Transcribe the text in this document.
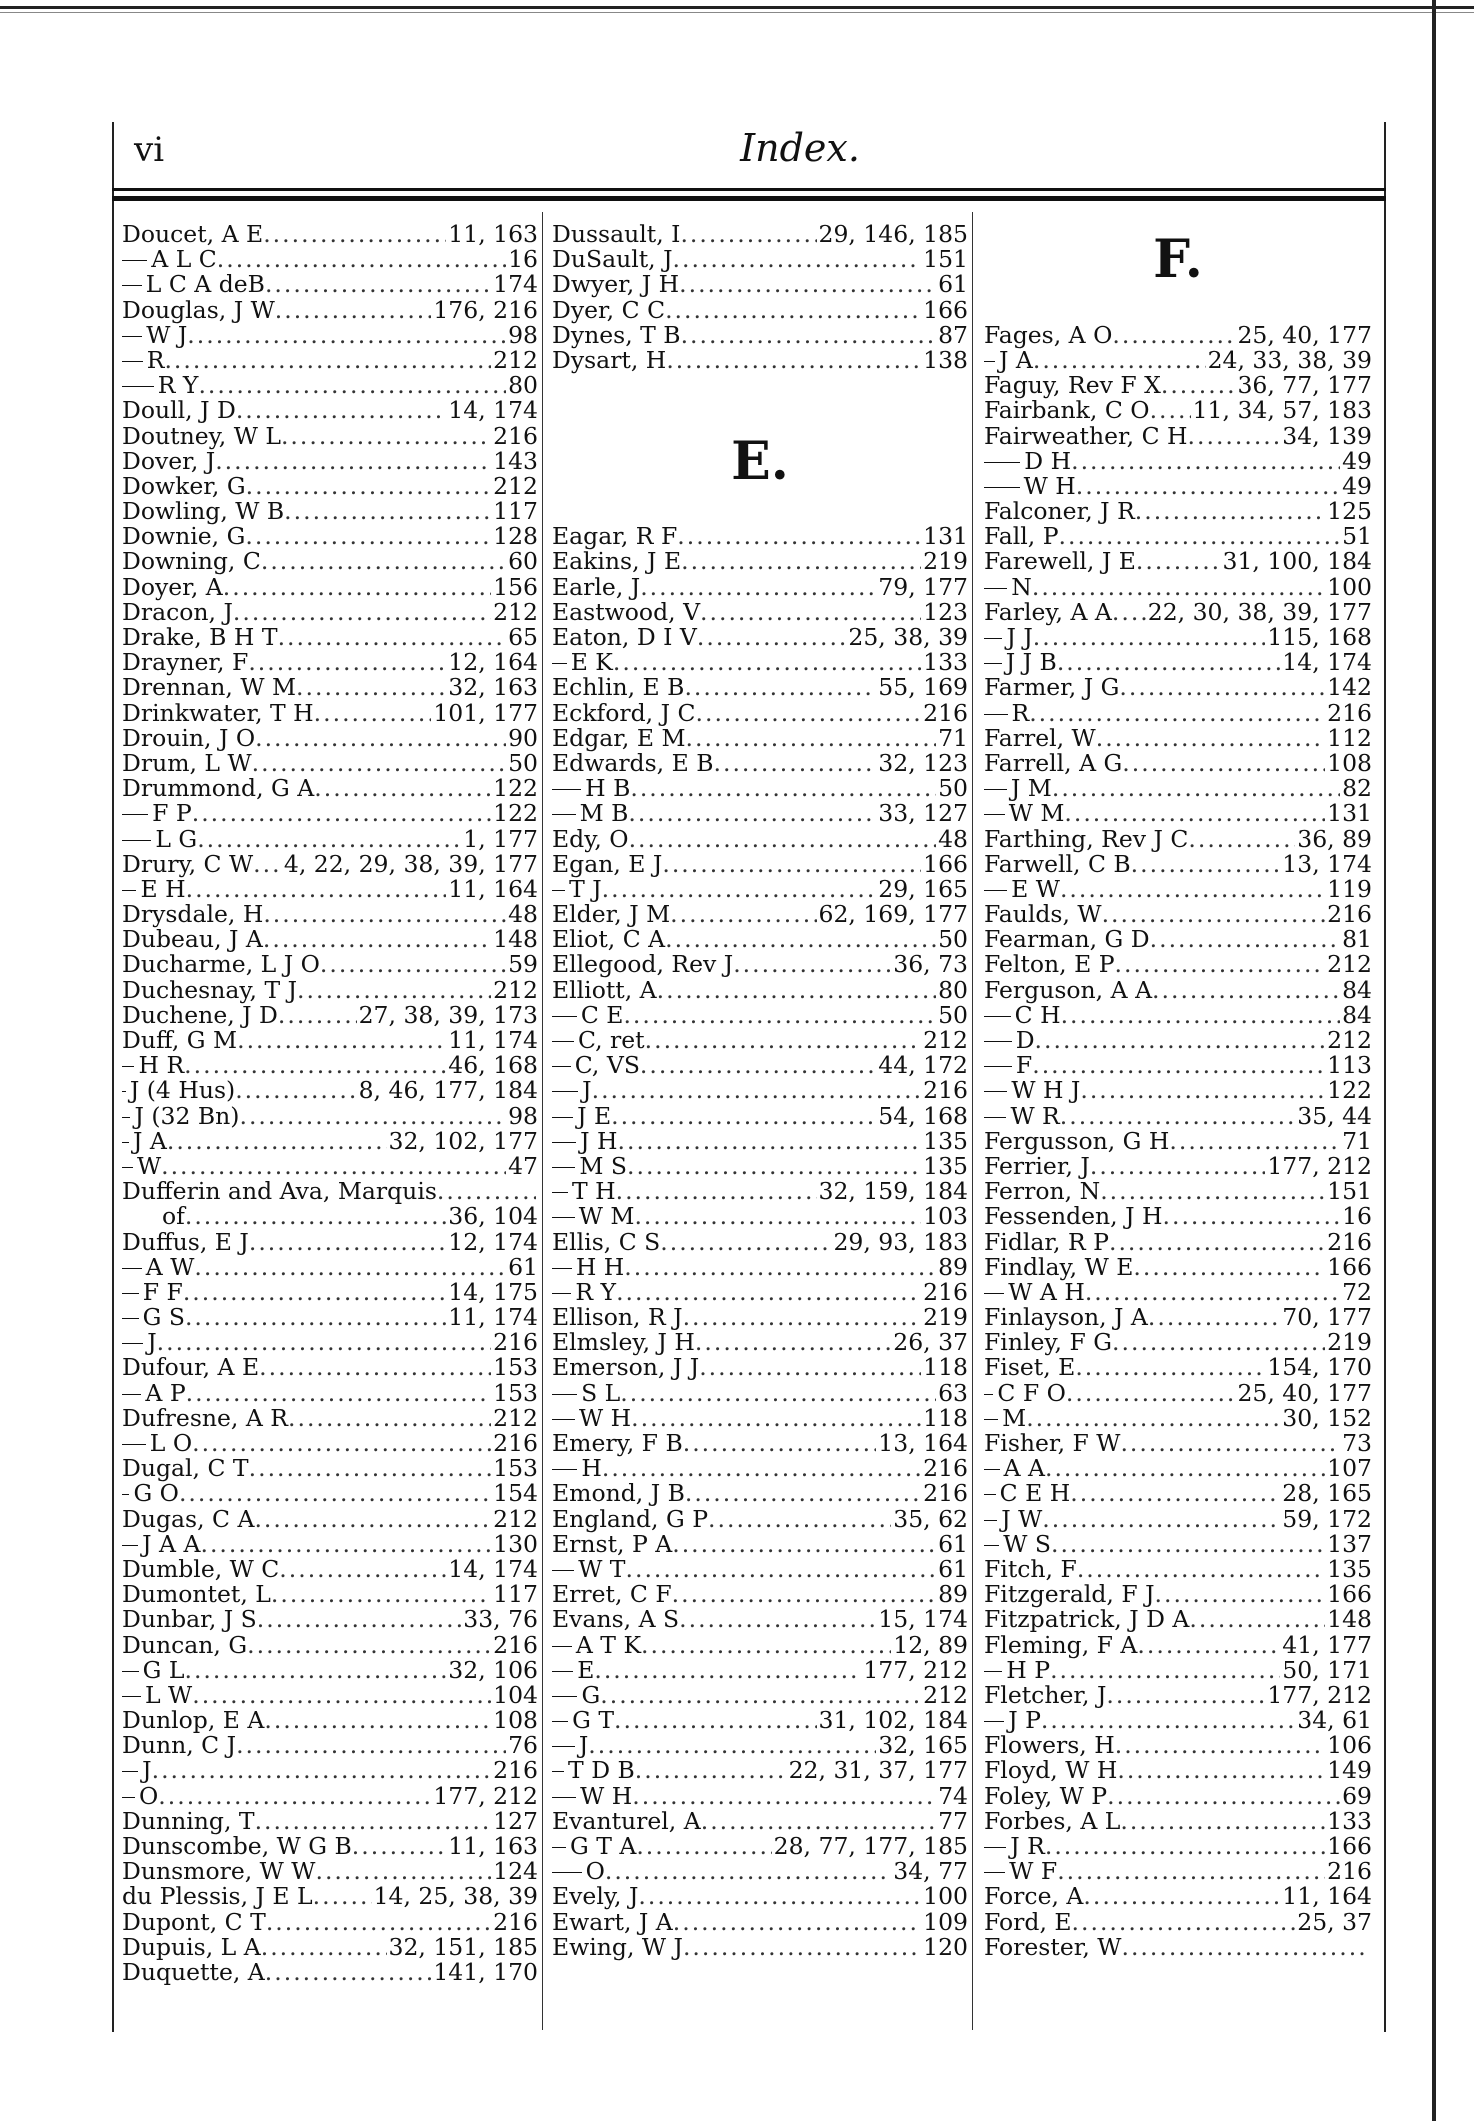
vi	Index.
Doucet, A E .....	11, 163
A L C .....	16
L C A deB .....	174
Douglas, J W .....	176, 216
W J .....	98
R .....	212
R Y .....	80
Doull, J D .....	14, 174
Doutney, W L .....	216
Dover, J .....	143
Dowker, G .....	212
Dowling, W B .....	117
Downie, G .....	128
Downing, C .....	60
Doyer, A .....	156
Dracon, J .....	212
Drake, B H T .....	65
Drayner, F .....	12, 164
Drennan, W M .....	32, 163
Drinkwater, T H .....	101, 177
Drouin, J O .....	90
Drum, L W .....	50
Drummond, G A .....	122
F P .....	122
L G .....	1, 177
Drury, C W ..... 4, 22, 29, 38, 39, 177
E H .....	11, 164
Drysdale, H .....	48
Dubeau, J A .....	148
Ducharme, L J O .....	59
Duchesnay, T J .....	212
Duchene, J D .....	27, 38, 39, 173
Duff, G M .....	11, 174
H R .....	46, 168
J (4 Hus) .....	8, 46, 177, 184
J (32 Bn) .....	98
J A .....	32, 102, 177
W .....	47
Dufferin and Ava, Marquis
.....
of .....	36, 104
Duffus, E J .....	12, 174
A W .....	61
F F .....	14, 175
G S .....	11, 174
J .....	216
Dufour, A E .....	153
A P .....	153
Dufresne, A R .....	212
L O .....	216
Dugal, C T .....	153
G O .....	154
Dugas, C A .....	212
J A A .....	130
Dumble, W C .....	14, 174
Dumontet, L .....	117
Dunbar, J S .....	33, 76
Duncan, G .....	216
G L .....	32, 106
L W .....	104
Dunlop, E A .....	108
Dunn, C J .....	76
J .....	216
O .....	177, 212
Dunning, T .....	127
Dunscombe, W G B .....	11, 163
Dunsmore, W W .....	124
du Plessis, J E L .....	14, 25, 38, 39
Dupont, C T .....	216
Dupuis, L A .....	32, 151, 185
Duquette, A .....	141, 170
Dussault, I .....	29, 146, 185
DuSault, J .....	151
Dwyer, J H .....	61
Dyer, C C .....	166
Dynes, T B .....	87
Dysart, H .....	138
E.
Eagar, R F .....	131
Eakins, J E .....	219
Earle, J .....	79, 177
Eastwood, V .....	123
Eaton, D I V .....	25, 38, 39
E K .....	133
Echlin, E B .....	55, 169
Eckford, J C .....	216
Edgar, E M .....	71
Edwards, E B .....	32, 123
H B .....	50
M B .....	33, 127
Edy, O .....	48
Egan, E J .....	166
T J .....	29, 165
Elder, J M .....	62, 169, 177
Eliot, C A .....	50
Ellegood, Rev J .....	36, 73
Elliott, A .....	80
C E .....	50
C, ret .....	212
C, VS .....	44, 172
J .....	216
J E .....	54, 168
J H .....	135
M S .....	135
T H .....	32, 159, 184
W M .....	103
Ellis, C S .....	29, 93, 183
H H .....	89
R Y .....	216
Ellison, R J .....	219
Elmsley, J H .....	26, 37
Emerson, J J .....	118
S L .....	63
W H .....	118
Emery, F B .....	13, 164
H .....	216
Emond, J B .....	216
England, G P .....	35, 62
Ernst, P A .....	61
W T .....	61
Erret, C F .....	89
Evans, A S .....	15, 174
A T K .....	12, 89
E .....	177, 212
G .....	212
G T .....	31, 102, 184
J .....	32, 165
T D B .....	22, 31, 37, 177
W H .....	74
Evanturel, A .....	77
G T A .....	28, 77, 177, 185
O .....	34, 77
Evely, J .....	100
Ewart, J A .....	109
Ewing, W J .....	120
F.
Fages, A O .....	25, 40, 177
J A .....	24, 33, 38, 39
Faguy, Rev F X .....	36, 77, 177
Fairbank, C O ..... 11, 34, 57, 183
Fairweather, C H .....	34, 139
D H .....	49
W H .....	49
Falconer, J R .....	125
Fall, P .....	51
Farewell, J E .....	31, 100, 184
N .....	100
Farley, A A ..... 22, 30, 38, 39, 177
J J .....	115, 168
J J B .....	14, 174
Farmer, J G .....	142
R .....	216
Farrel, W .....	112
Farrell, A G .....	108
J M .....	82
W M .....	131
Farthing, Rev J C .....	36, 89
Farwell, C B .....	13, 174
E W .....	119
Faulds, W .....	216
Fearman, G D .....	81
Felton, E P .....	212
Ferguson, A A .....	84
C H .....	84
D .....	212
F .....	113
W H J .....	122
W R .....	35, 44
Fergusson, G H .....	71
Ferrier, J .....	177, 212
Ferron, N .....	151
Fessenden, J H .....	16
Fidlar, R P .....	216
Findlay, W E .....	166
W A H .....	72
Finlayson, J A .....	70, 177
Finley, F G .....	219
Fiset, E .....	154, 170
C F O .....	25, 40, 177
M .....	30, 152
Fisher, F W .....	73
A A .....	107
C E H .....	28, 165
J W .....	59, 172
W S .....	137
Fitch, F .....	135
Fitzgerald, F J .....	166
Fitzpatrick, J D A .....	148
Fleming, F A .....	41, 177
H P .....	50, 171
Fletcher, J .....	177, 212
J P .....	34, 61
Flowers, H .....	106
Floyd, W H .....	149
Foley, W P .....	69
Forbes, A L .....	133
J R .....	166
W F .....	216
Force, A .....	11, 164
Ford, E .....	25, 37
Forester, W
.....
